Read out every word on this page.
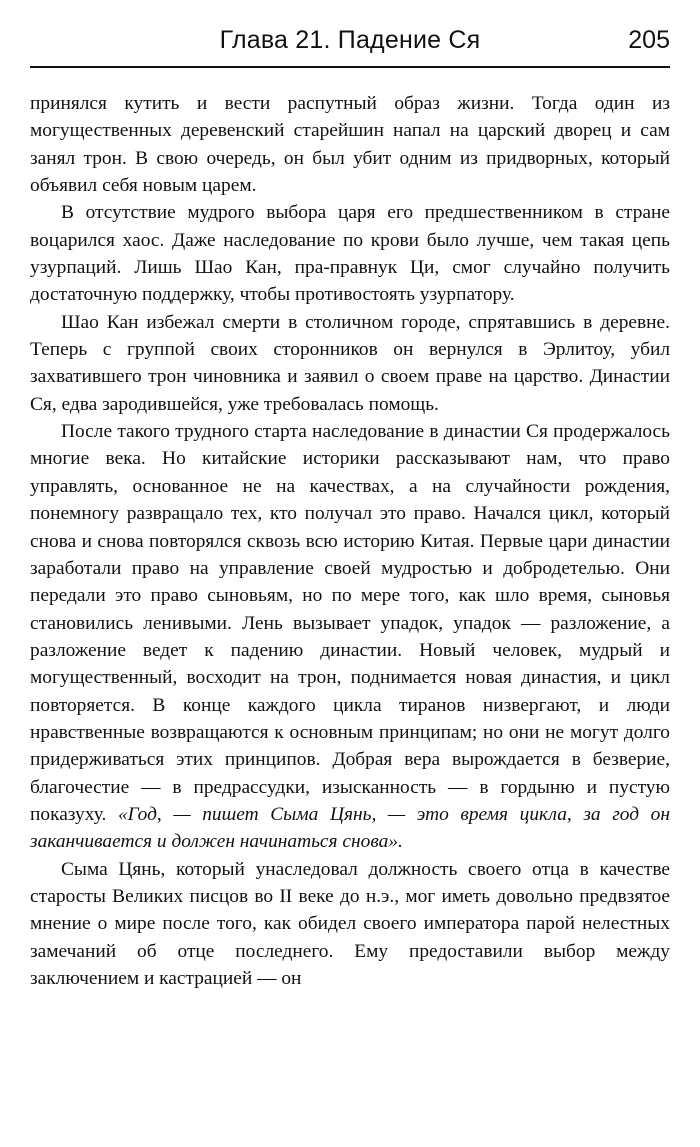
Глава 21. Падение Ся	205

принялся кутить и вести распутный образ жизни. Тогда один из могущественных деревенский старейшин напал на царский дворец и сам занял трон. В свою очередь, он был убит одним из придворных, который объявил себя новым царем.

В отсутствие мудрого выбора царя его предшественником в стране воцарился хаос. Даже наследование по крови было лучше, чем такая цепь узурпаций. Лишь Шао Кан, пра-правнук Ци, смог случайно получить достаточную поддержку, чтобы противостоять узурпатору.

Шао Кан избежал смерти в столичном городе, спрятавшись в деревне. Теперь с группой своих сторонников он вернулся в Эрлитоу, убил захватившего трон чиновника и заявил о своем праве на царство. Династии Ся, едва зародившейся, уже требовалась помощь.

После такого трудного старта наследование в династии Ся продержалось многие века. Но китайские историки рассказывают нам, что право управлять, основанное не на качествах, а на случайности рождения, понемногу развращало тех, кто получал это право. Начался цикл, который снова и снова повторялся сквозь всю историю Китая. Первые цари династии заработали право на управление своей мудростью и добродетелью. Они передали это право сыновьям, но по мере того, как шло время, сыновья становились ленивыми. Лень вызывает упадок, упадок — разложение, а разложение ведет к падению династии. Новый человек, мудрый и могущественный, восходит на трон, поднимается новая династия, и цикл повторяется. В конце каждого цикла тиранов низвергают, и люди нравственные возвращаются к основным принципам; но они не могут долго придерживаться этих принципов. Добрая вера вырождается в безверие, благочестие — в предрассудки, изысканность — в гордыню и пустую показуху. «Год, — пишет Сыма Цянь, — это время цикла, за год он заканчивается и должен начинаться снова».

Сыма Цянь, который унаследовал должность своего отца в качестве старосты Великих писцов во II веке до н.э., мог иметь довольно предвзятое мнение о мире после того, как обидел своего императора парой нелестных замечаний об отце последнего. Ему предоставили выбор между заключением и кастрацией — он
